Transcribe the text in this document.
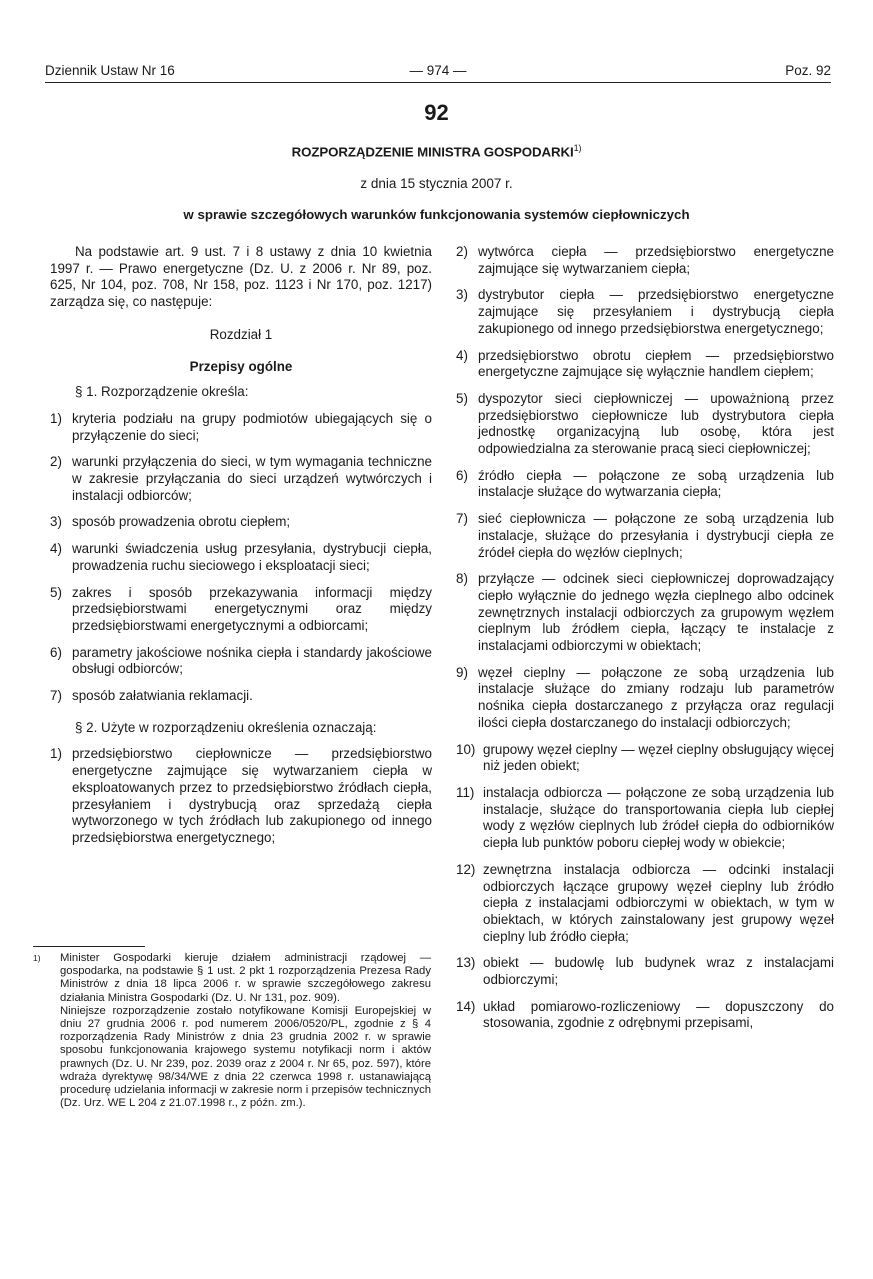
Dziennik Ustaw Nr 16	— 974 —	Poz. 92
92
ROZPORZĄDZENIE MINISTRA GOSPODARKI$^{1)}$
z dnia 15 stycznia 2007 r.
w sprawie szczegółowych warunków funkcjonowania systemów ciepłowniczych

Na podstawie art. 9 ust. 7 i 8 ustawy z dnia 10 kwietnia 1997 r. — Prawo energetyczne (Dz. U. z 2006 r. Nr 89, poz. 625, Nr 104, poz. 708, Nr 158, poz. 1123 i Nr 170, poz. 1217) zarządza się, co następuje:

Rozdział 1
Przepisy ogólne
§ 1. Rozporządzenie określa:
1) kryteria podziału na grupy podmiotów ubiegających się o przyłączenie do sieci;
2) warunki przyłączenia do sieci, w tym wymagania techniczne w zakresie przyłączania do sieci urządzeń wytwórczych i instalacji odbiorców;
3) sposób prowadzenia obrotu ciepłem;
4) warunki świadczenia usług przesyłania, dystrybucji ciepła, prowadzenia ruchu sieciowego i eksploatacji sieci;
5) zakres i sposób przekazywania informacji między przedsiębiorstwami energetycznymi oraz między przedsiębiorstwami energetycznymi a odbiorcami;
6) parametry jakościowe nośnika ciepła i standardy jakościowe obsługi odbiorców;
7) sposób załatwiania reklamacji.
§ 2. Użyte w rozporządzeniu określenia oznaczają:
1) przedsiębiorstwo ciepłownicze — przedsiębiorstwo energetyczne zajmujące się wytwarzaniem ciepła w eksploatowanych przez to przedsiębiorstwo źródłach ciepła, przesyłaniem i dystrybucją oraz sprzedażą ciepła wytworzonego w tych źródłach lub zakupionego od innego przedsiębiorstwa energetycznego;
1)	Minister Gospodarki kieruje działem administracji rządowej — gospodarka, na podstawie § 1 ust. 2 pkt 1 rozporządzenia Prezesa Rady Ministrów z dnia 18 lipca 2006 r. w sprawie szczegółowego zakresu działania Ministra Gospodarki (Dz. U. Nr 131, poz. 909).

Niniejsze rozporządzenie zostało notyfikowane Komisji Europejskiej w dniu 27 grudnia 2006 r. pod numerem 2006/0520/PL, zgodnie z § 4 rozporządzenia Rady Ministrów z dnia 23 grudnia 2002 r. w sprawie sposobu funkcjonowania krajowego systemu notyfikacji norm i aktów prawnych (Dz. U. Nr 239, poz. 2039 oraz z 2004 r. Nr 65, poz. 597), które wdraża dyrektywę 98/34/WE z dnia 22 czerwca 1998 r. ustanawiającą procedurę udzielania informacji w zakresie norm i przepisów technicznych (Dz. Urz. WE L 204 z 21.07.1998 r., z późn. zm.).

2) wytwórca ciepła — przedsiębiorstwo energetyczne zajmujące się wytwarzaniem ciepła;
3) dystrybutor ciepła — przedsiębiorstwo energetyczne zajmujące się przesyłaniem i dystrybucją ciepła zakupionego od innego przedsiębiorstwa energetycznego;
4) przedsiębiorstwo obrotu ciepłem — przedsiębiorstwo energetyczne zajmujące się wyłącznie handlem ciepłem;
5) dyspozytor sieci ciepłowniczej — upoważnioną przez przedsiębiorstwo ciepłownicze lub dystrybutora ciepła jednostkę organizacyjną lub osobę, która jest odpowiedzialna za sterowanie pracą sieci ciepłowniczej;
6) źródło ciepła — połączone ze sobą urządzenia lub instalacje służące do wytwarzania ciepła;
7) sieć ciepłownicza — połączone ze sobą urządzenia lub instalacje, służące do przesyłania i dystrybucji ciepła ze źródeł ciepła do węzłów cieplnych;
8) przyłącze — odcinek sieci ciepłowniczej doprowadzający ciepło wyłącznie do jednego węzła cieplnego albo odcinek zewnętrznych instalacji odbiorczych za grupowym węzłem cieplnym lub źródłem ciepła, łączący te instalacje z instalacjami odbiorczymi w obiektach;
9) węzeł cieplny — połączone ze sobą urządzenia lub instalacje służące do zmiany rodzaju lub parametrów nośnika ciepła dostarczanego z przyłącza oraz regulacji ilości ciepła dostarczanego do instalacji odbiorczych;
10) grupowy węzeł cieplny — węzeł cieplny obsługujący więcej niż jeden obiekt;
11) instalacja odbiorcza — połączone ze sobą urządzenia lub instalacje, służące do transportowania ciepła lub ciepłej wody z węzłów cieplnych lub źródeł ciepła do odbiorników ciepła lub punktów poboru ciepłej wody w obiekcie;
12) zewnętrzna instalacja odbiorcza — odcinki instalacji odbiorczych łączące grupowy węzeł cieplny lub źródło ciepła z instalacjami odbiorczymi w obiektach, w tym w obiektach, w których zainstalowany jest grupowy węzeł cieplny lub źródło ciepła;
13) obiekt — budowlę lub budynek wraz z instalacjami odbiorczymi;
14) układ pomiarowo-rozliczeniowy — dopuszczony do stosowania, zgodnie z odrębnymi przepisami,
